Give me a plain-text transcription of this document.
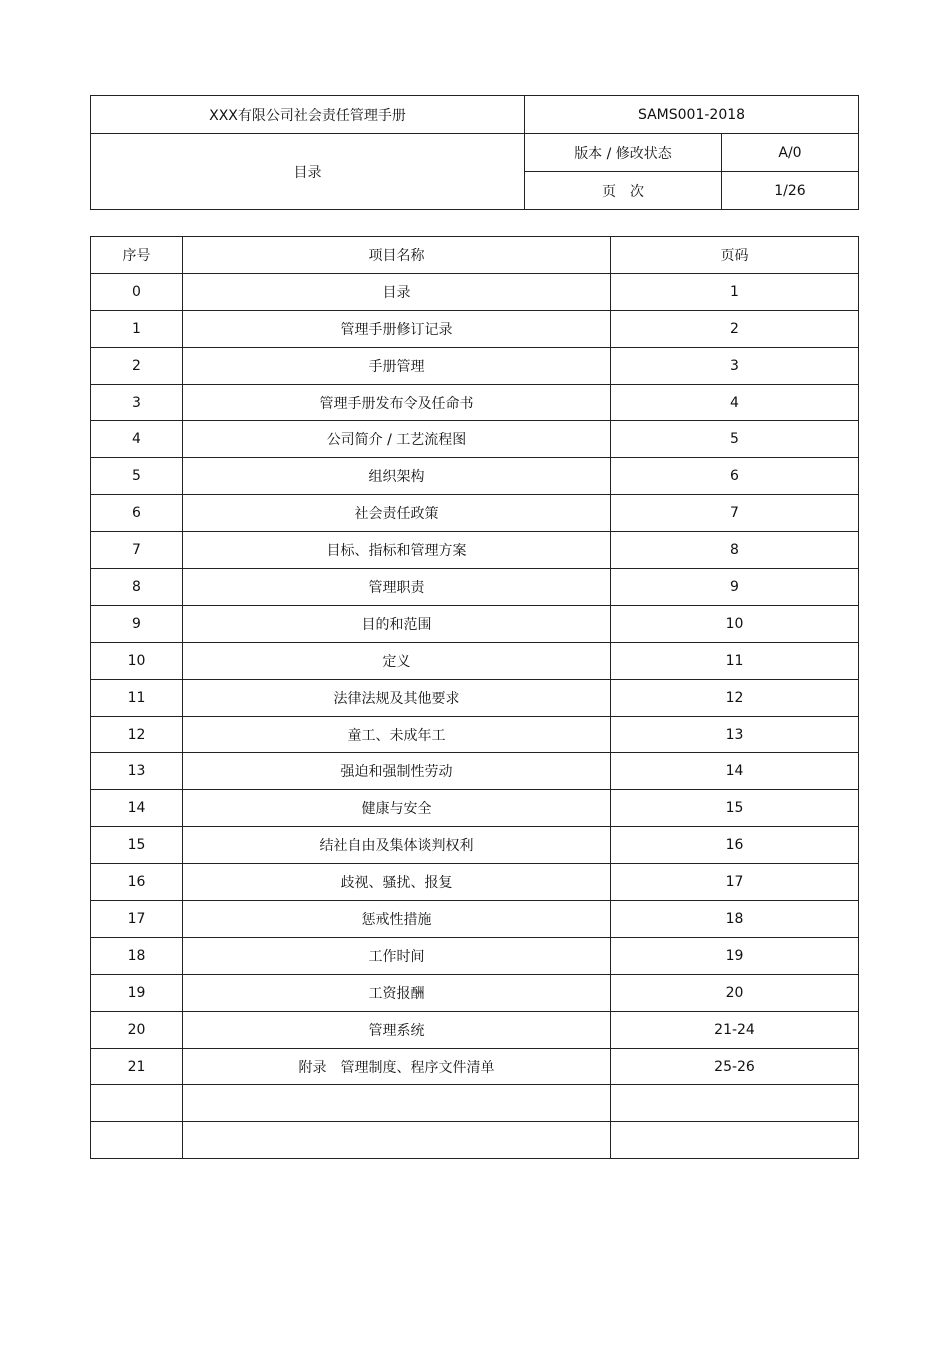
XXX有限公司社会责任管理手册	SAMS001-2018	
目录	版本 / 修改状态	A/0
	页　次	1/26
序号	项目名称	页码
0	目录	1
1	管理手册修订记录	2
2	手册管理	3
3	管理手册发布令及任命书	4
4	公司简介 / 工艺流程图	5
5	组织架构	6
6	社会责任政策	7
7	目标、指标和管理方案	8
8	管理职责	9
9	目的和范围	10
10	定义	11
11	法律法规及其他要求	12
12	童工、未成年工	13
13	强迫和强制性劳动	14
14	健康与安全	15
15	结社自由及集体谈判权利	16
16	歧视、骚扰、报复	17
17	惩戒性措施	18
18	工作时间	19
19	工资报酬	20
20	管理系统	21-24
21	附录　管理制度、程序文件清单	25-26
